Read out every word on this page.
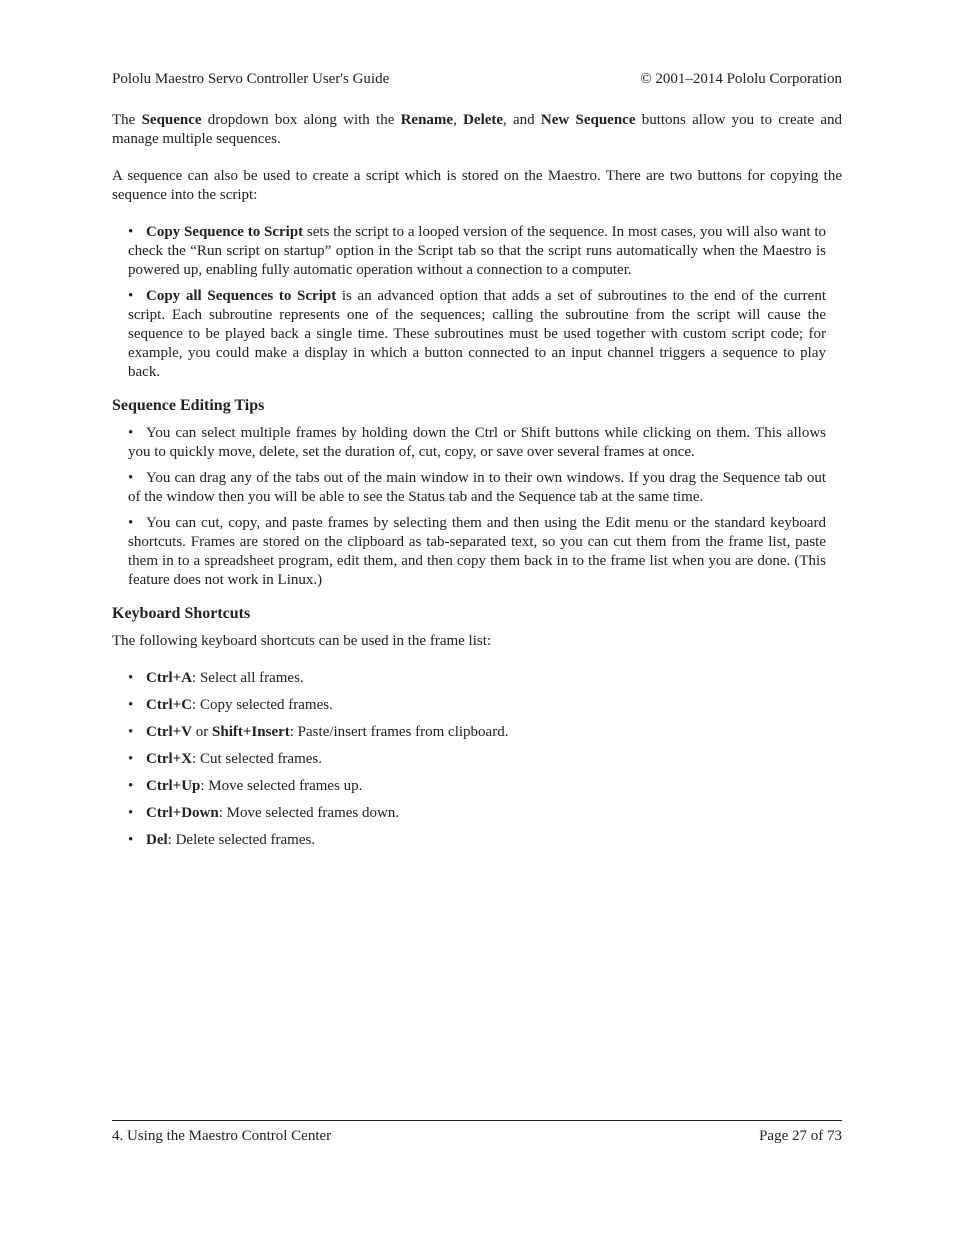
Pololu Maestro Servo Controller User's Guide	© 2001–2014 Pololu Corporation

The Sequence dropdown box along with the Rename, Delete, and New Sequence buttons allow you to create and manage multiple sequences.

A sequence can also be used to create a script which is stored on the Maestro. There are two buttons for copying the sequence into the script:

• Copy Sequence to Script sets the script to a looped version of the sequence. In most cases, you will also want to check the “Run script on startup” option in the Script tab so that the script runs automatically when the Maestro is powered up, enabling fully automatic operation without a connection to a computer.
• Copy all Sequences to Script is an advanced option that adds a set of subroutines to the end of the current script. Each subroutine represents one of the sequences; calling the subroutine from the script will cause the sequence to be played back a single time. These subroutines must be used together with custom script code; for example, you could make a display in which a button connected to an input channel triggers a sequence to play back.
Sequence Editing Tips
• You can select multiple frames by holding down the Ctrl or Shift buttons while clicking on them. This allows you to quickly move, delete, set the duration of, cut, copy, or save over several frames at once.
• You can drag any of the tabs out of the main window in to their own windows. If you drag the Sequence tab out of the window then you will be able to see the Status tab and the Sequence tab at the same time.
• You can cut, copy, and paste frames by selecting them and then using the Edit menu or the standard keyboard shortcuts. Frames are stored on the clipboard as tab-separated text, so you can cut them from the frame list, paste them in to a spreadsheet program, edit them, and then copy them back in to the frame list when you are done. (This feature does not work in Linux.)
Keyboard Shortcuts

The following keyboard shortcuts can be used in the frame list:

• Ctrl+A: Select all frames.
• Ctrl+C: Copy selected frames.
• Ctrl+V or Shift+Insert: Paste/insert frames from clipboard.
• Ctrl+X: Cut selected frames.
• Ctrl+Up: Move selected frames up.
• Ctrl+Down: Move selected frames down.
• Del: Delete selected frames.
4. Using the Maestro Control Center	Page 27 of 73
